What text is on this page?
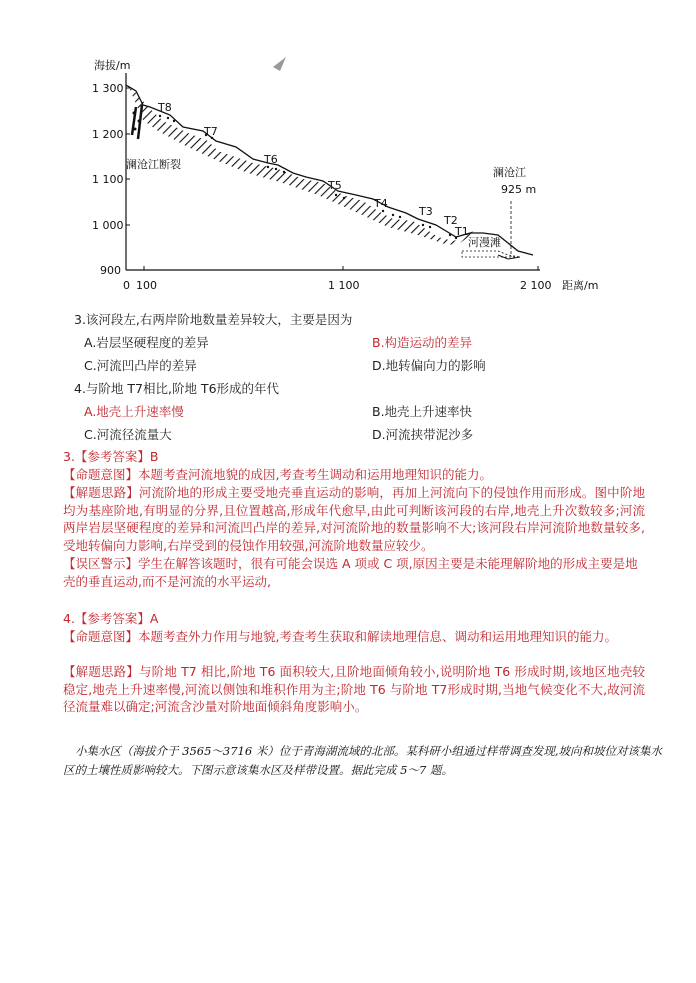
海拔/m
1 300
1 200
1 100
1 000
900
0 100	1 100	2 100 距离/m
T8
T7
T6
T5
T4
T3
T2
T1
澜沧江断裂
澜沧江
925 m
河漫滩
3.该河段左,右两岸阶地数量差异较大，主要是因为
A.岩层坚硬程度的差异	B.构造运动的差异
C.河流凹凸岸的差异	D.地转偏向力的影响
4.与阶地 T7相比,阶地 T6形成的年代
A.地壳上升速率慢	B.地壳上升速率快
C.河流径流量大	D.河流挟带泥沙多
3.【参考答案】B
【命题意图】本题考查河流地貌的成因,考查考生调动和运用地理知识的能力。
【解题思路】河流阶地的形成主要受地壳垂直运动的影响，再加上河流向下的侵蚀作用而形成。图中阶地均为基座阶地,有明显的分界,且位置越高,形成年代愈早,由此可判断该河段的右岸,地壳上升次数较多;河流两岸岩层坚硬程度的差异和河流凹凸岸的差异,对河流阶地的数量影响不大;该河段右岸河流阶地数量较多,受地转偏向力影响,右岸受到的侵蚀作用较强,河流阶地数量应较少。
【误区警示】学生在解答该题时，很有可能会误选 A 项或 C 项,原因主要是未能理解阶地的形成主要是地壳的垂直运动,而不是河流的水平运动,
4.【参考答案】A
【命题意图】本题考查外力作用与地貌,考查考生获取和解读地理信息、调动和运用地理知识的能力。
【解题思路】与阶地 T7 相比,阶地 T6 面积较大,且阶地面倾角较小,说明阶地 T6 形成时期,该地区地壳较稳定,地壳上升速率慢,河流以侧蚀和堆积作用为主;阶地 T6 与阶地 T7形成时期,当地气候变化不大,故河流径流量难以确定;河流含沙量对阶地面倾斜角度影响小。
小集水区（海拔介于 3565～3716 米）位于青海湖流域的北部。某科研小组通过样带调查发现,坡向和坡位对该集水区的土壤性质影响较大。下图示意该集水区及样带设置。据此完成 5～7 题。
